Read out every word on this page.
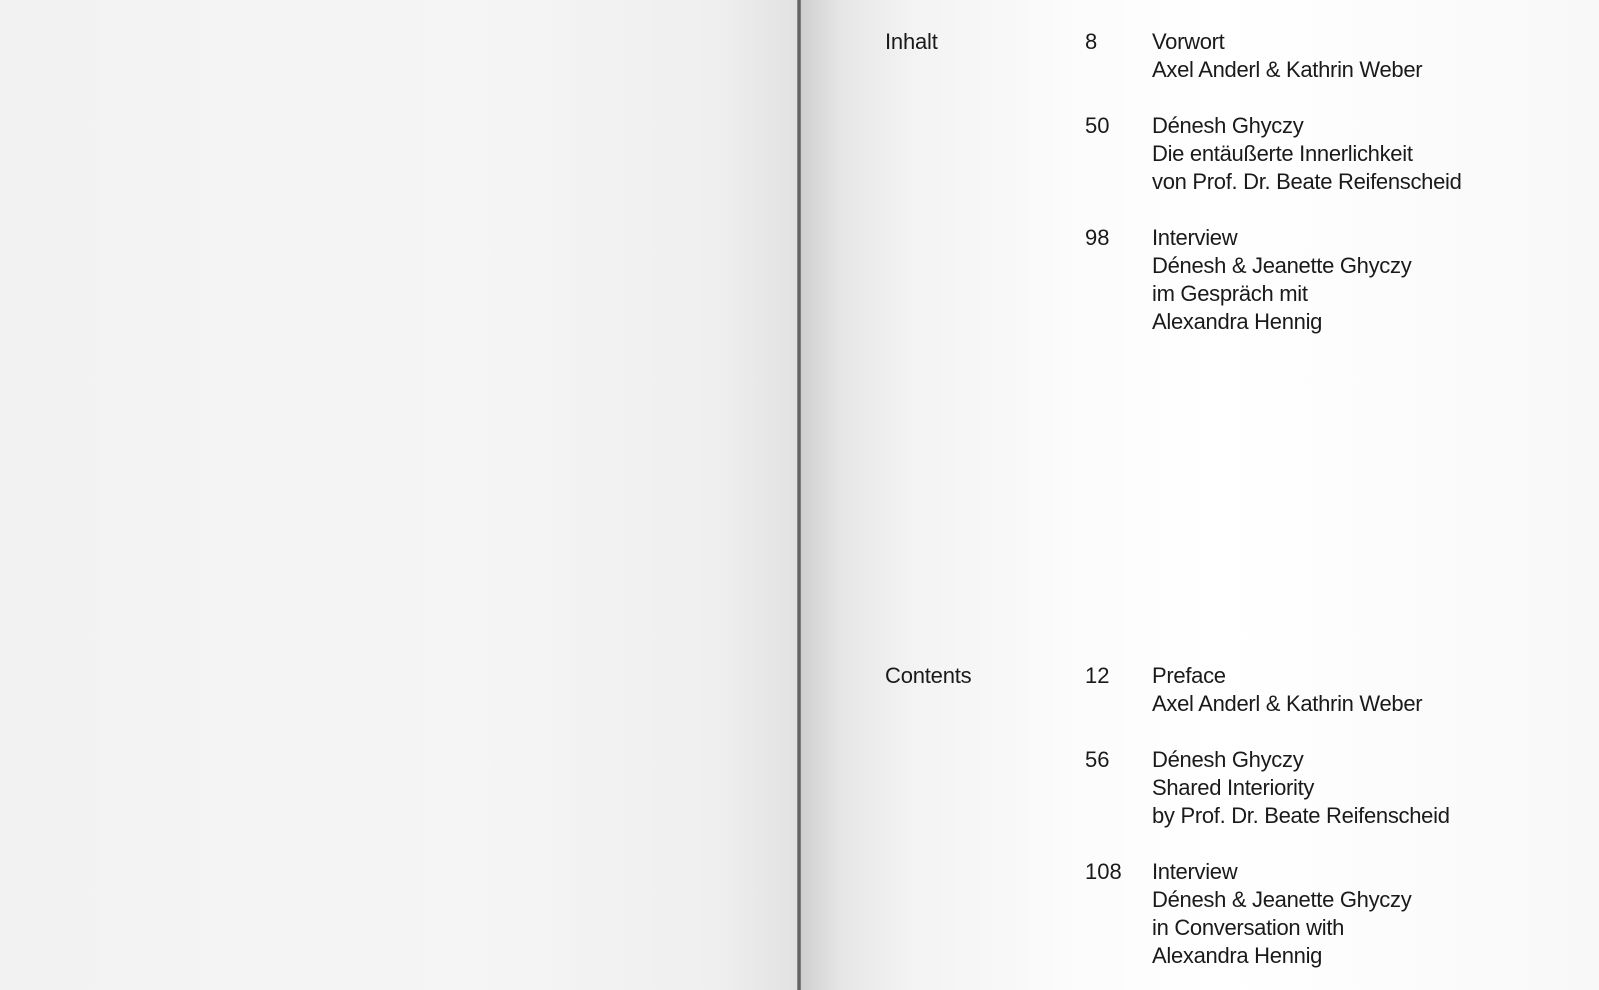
Inhalt	8	Vorwort
Axel Anderl & Kathrin Weber
50	Dénesh Ghyczy
Die entäußerte Innerlichkeit
von Prof. Dr. Beate Reifenscheid
98	Interview
Dénesh & Jeanette Ghyczy
im Gespräch mit
Alexandra Hennig
Contents	12	Preface
Axel Anderl & Kathrin Weber
56	Dénesh Ghyczy
Shared Interiority
by Prof. Dr. Beate Reifenscheid
108	Interview
Dénesh & Jeanette Ghyczy
in Conversation with
Alexandra Hennig
